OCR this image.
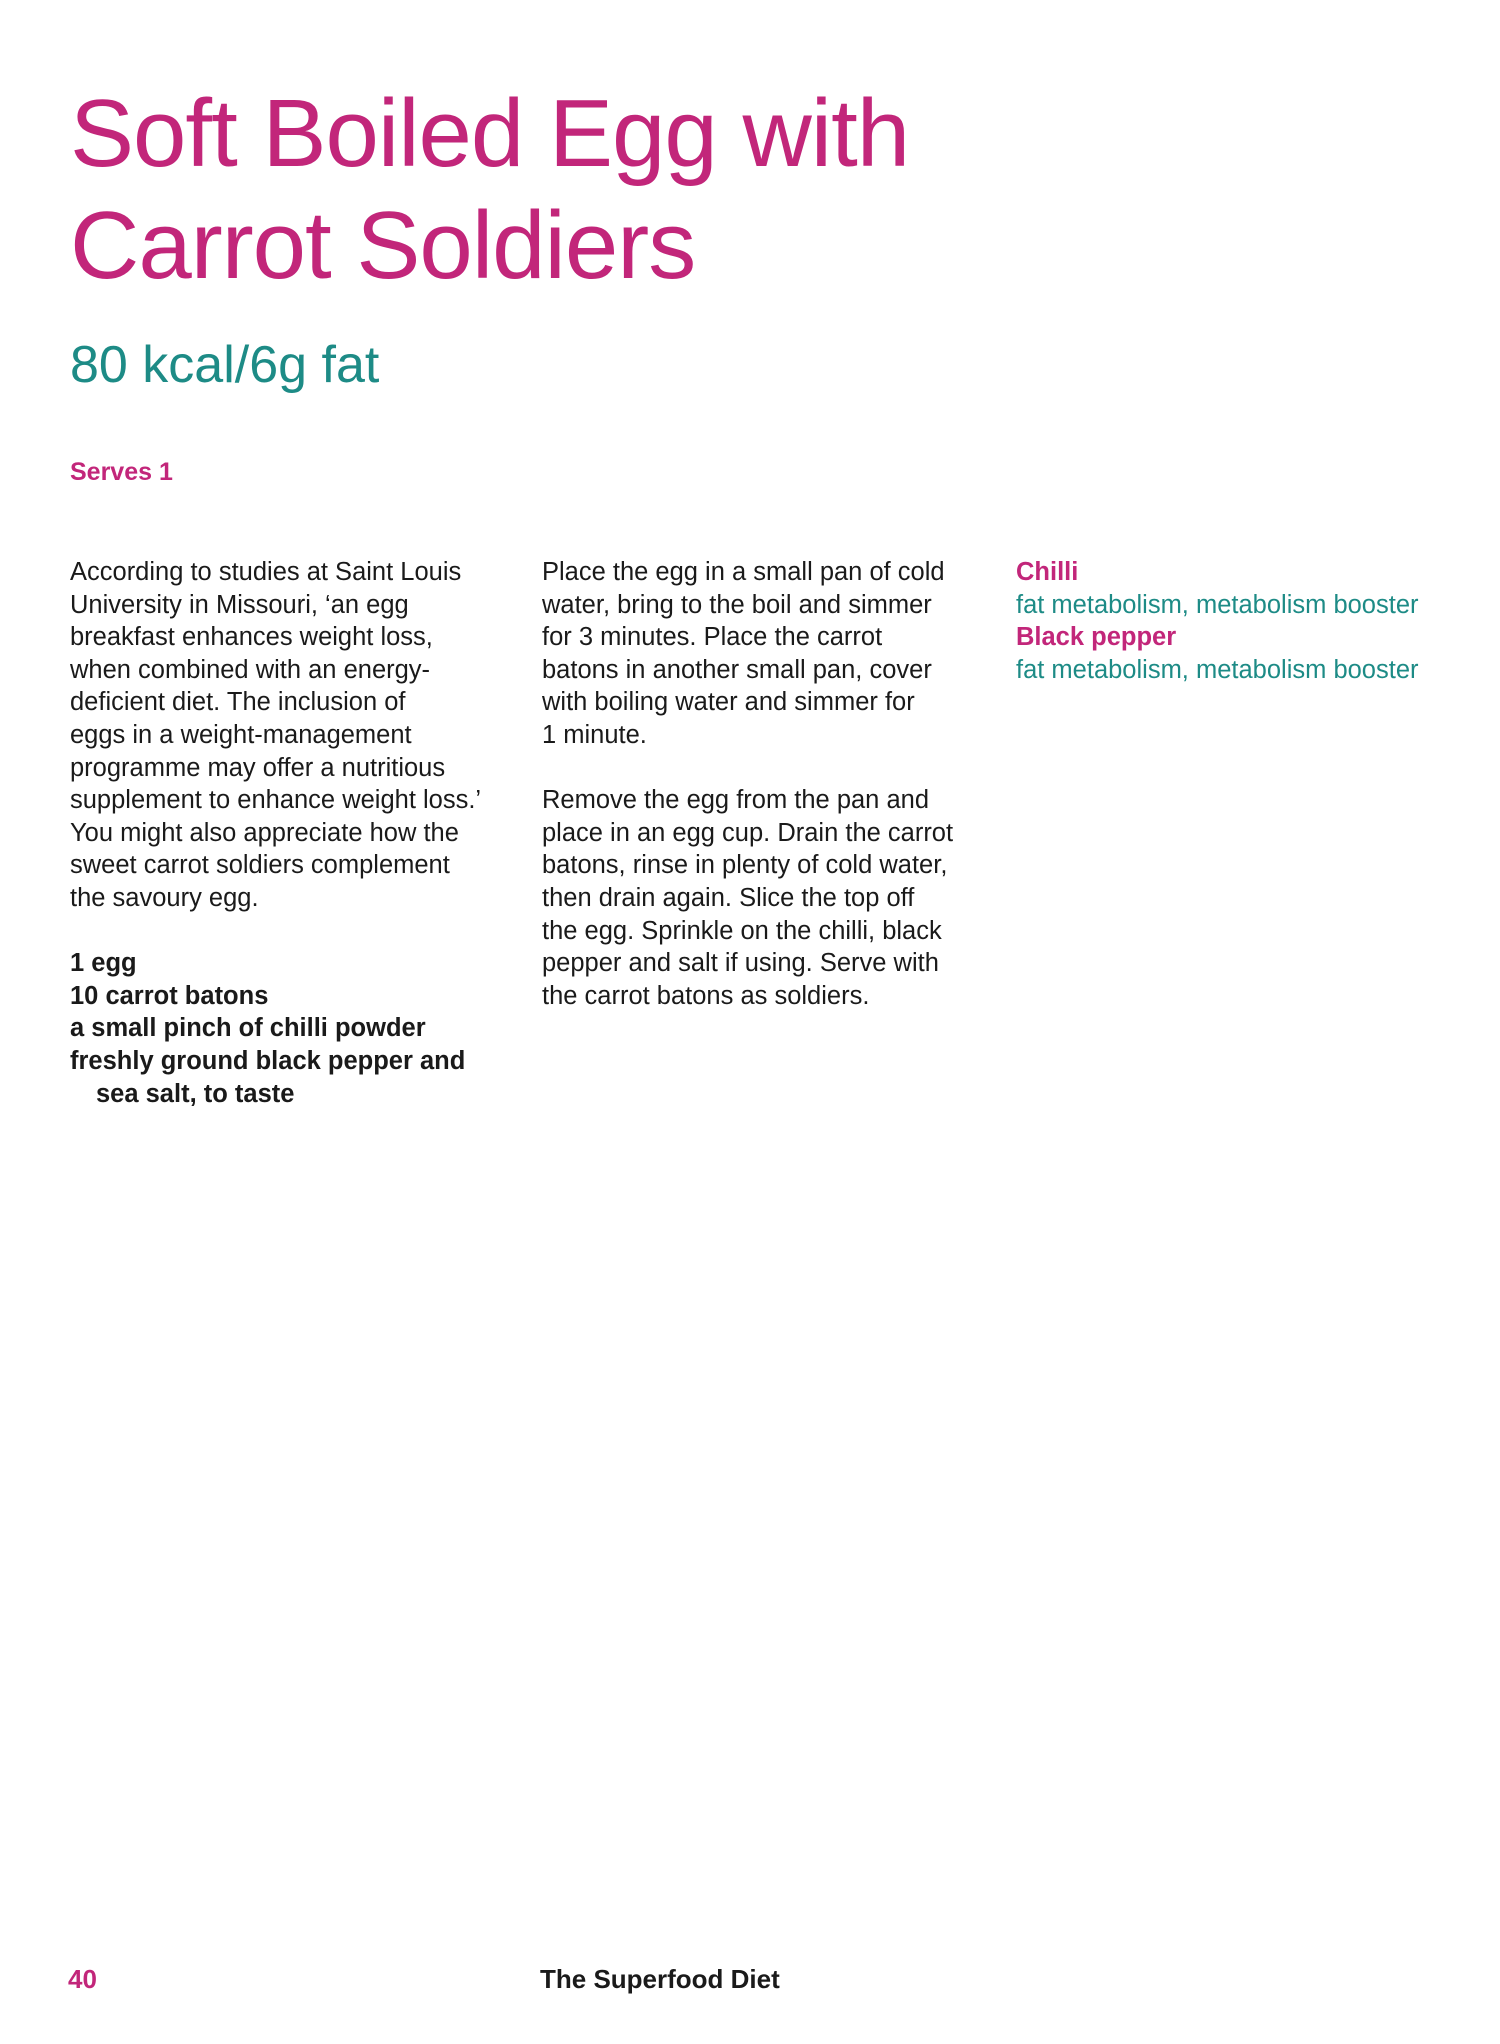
Soft Boiled Egg with
Carrot Soldiers
80 kcal/6g fat
Serves 1
According to studies at Saint Louis
University in Missouri, ‘an egg
breakfast enhances weight loss,
when combined with an energy-
deficient diet. The inclusion of
eggs in a weight-management
programme may offer a nutritious
supplement to enhance weight loss.’
You might also appreciate how the
sweet carrot soldiers complement
the savoury egg.
1 egg
10 carrot batons
a small pinch of chilli powder
freshly ground black pepper and
sea salt, to taste
Place the egg in a small pan of cold
water, bring to the boil and simmer
for 3 minutes. Place the carrot
batons in another small pan, cover
with boiling water and simmer for
1 minute.
Remove the egg from the pan and
place in an egg cup. Drain the carrot
batons, rinse in plenty of cold water,
then drain again. Slice the top off
the egg. Sprinkle on the chilli, black
pepper and salt if using. Serve with
the carrot batons as soldiers.
Chilli
fat metabolism, metabolism booster
Black pepper
fat metabolism, metabolism booster
40	The Superfood Diet
